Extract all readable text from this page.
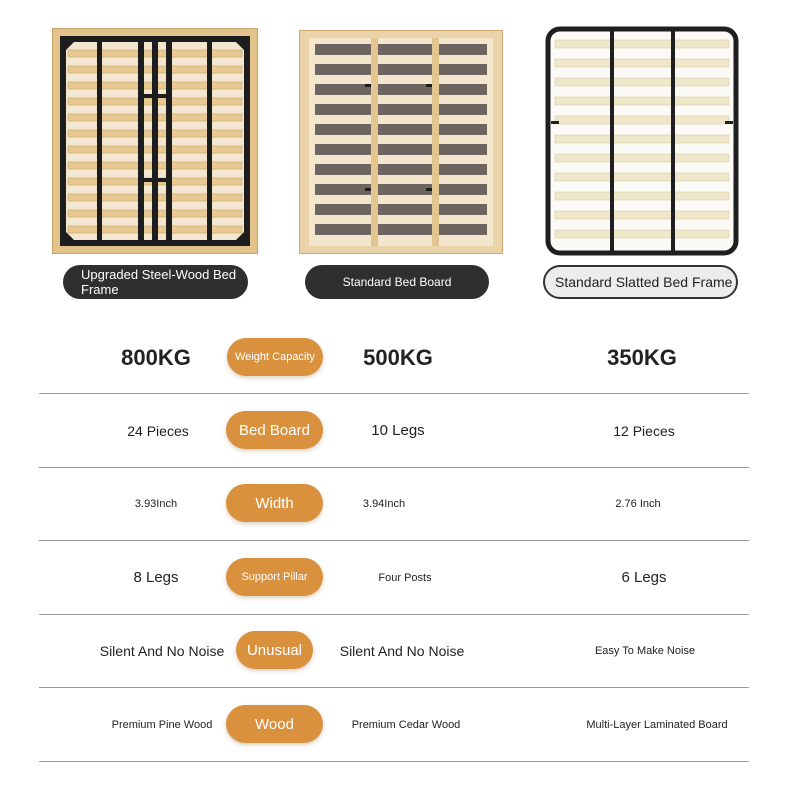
Upgraded Steel-Wood Bed Frame	Standard Bed Board	Standard Slatted Bed Frame
800KG	Weight Capacity	500KG	350KG
24 Pieces	Bed Board	10 Legs	12 Pieces
3.93Inch	Width	3.94Inch	2.76 Inch
8 Legs	Support Pillar	Four Posts	6 Legs
Silent And No Noise	Unusual	Silent And No Noise	Easy To Make Noise
Premium Pine Wood	Wood	Premium Cedar Wood	Multi-Layer Laminated Board
